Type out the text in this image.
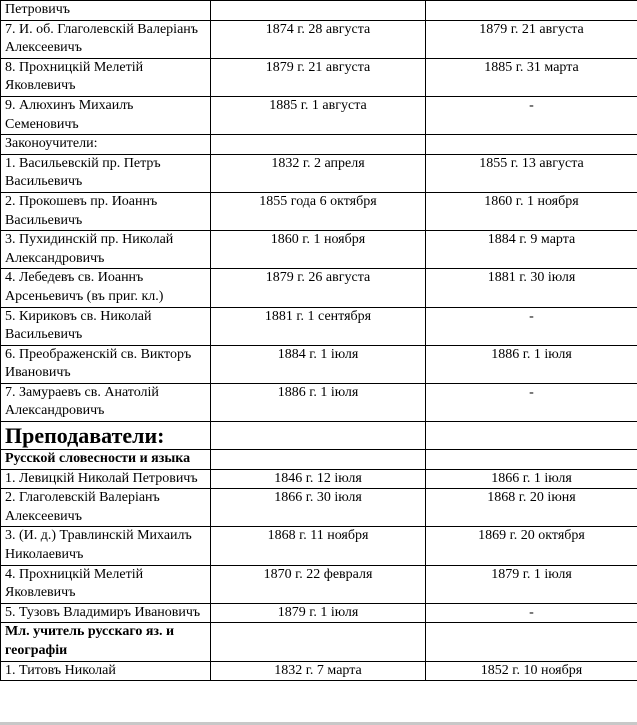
Петровичъ		
7. И. об. Глаголевскій Валеріанъ Алексеевичъ	1874 г. 28 августа	1879 г. 21 августа
8. Прохницкій Мелетій Яковлевичъ	1879 г. 21 августа	1885 г. 31 марта
9. Алюхинъ Михаилъ Семеновичъ	1885 г. 1 августа	-
Законоучители:		
1. Васильевскій пр. Петръ Васильевичъ	1832 г. 2 апреля	1855 г. 13 августа
2. Прокошевъ пр. Иоаннъ Васильевичъ	1855 года 6 октября	1860 г. 1 ноября
3. Пухидинскій пр. Николай Александровичъ	1860 г. 1 ноября	1884 г. 9 марта
4. Лебедевъ св. Иоаннъ Арсеньевичъ (въ приг. кл.)	1879 г. 26 августа	1881 г. 30 іюля
5. Кириковъ св. Николай Васильевичъ	1881 г. 1 сентября	-
6. Преображенскій св. Викторъ Ивановичъ	1884 г. 1 іюля	1886 г. 1 іюля
7. Замураевъ св. Анатолій Александровичъ	1886 г. 1 іюля	-
Преподаватели:		
Русской словесности и языка		
1. Левицкій Николай Петровичъ	1846 г. 12 іюля	1866 г. 1 іюля
2. Глаголевскій Валеріанъ Алексеевичъ	1866 г. 30 іюля	1868 г. 20 іюня
3. (И. д.) Травлинскій Михаилъ Николаевичъ	1868 г. 11 ноября	1869 г. 20 октября
4. Прохницкій Мелетій Яковлевичъ	1870 г. 22 февраля	1879 г. 1 іюля
5. Тузовъ Владимиръ Ивановичъ	1879 г. 1 іюля	-
Мл. учитель русскаго яз. и географіи		
1. Титовъ Николай	1832 г. 7 марта	1852 г. 10 ноября
